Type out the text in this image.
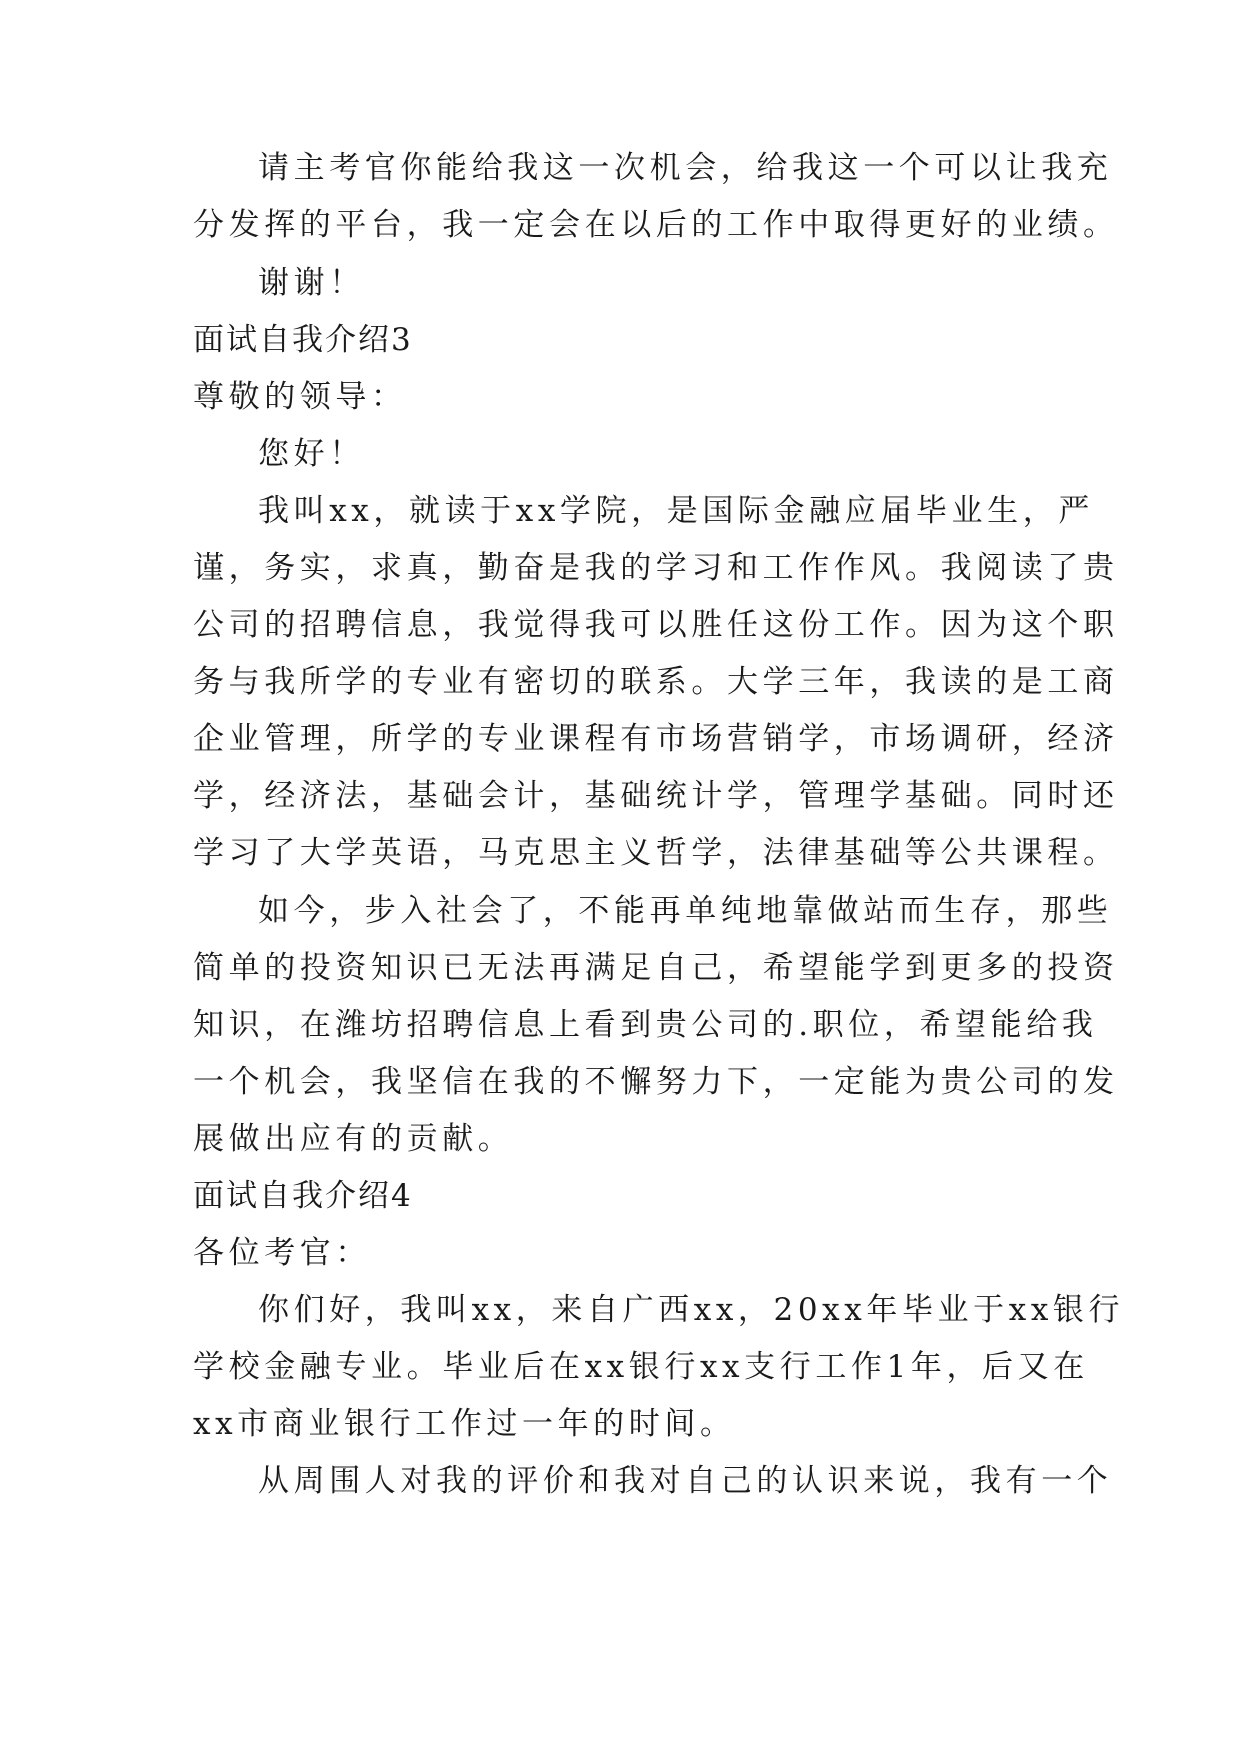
请主考官你能给我这一次机会，给我这一个可以让我充
分发挥的平台，我一定会在以后的工作中取得更好的业绩。
谢谢！
面试自我介绍3
尊敬的领导：
您好！
我叫xx，就读于xx学院，是国际金融应届毕业生，严
谨，务实，求真，勤奋是我的学习和工作作风。我阅读了贵
公司的招聘信息，我觉得我可以胜任这份工作。因为这个职
务与我所学的专业有密切的联系。大学三年，我读的是工商
企业管理，所学的专业课程有市场营销学，市场调研，经济
学，经济法，基础会计，基础统计学，管理学基础。同时还
学习了大学英语，马克思主义哲学，法律基础等公共课程。
如今，步入社会了，不能再单纯地靠做站而生存，那些
简单的投资知识已无法再满足自己，希望能学到更多的投资
知识，在潍坊招聘信息上看到贵公司的.职位，希望能给我
一个机会，我坚信在我的不懈努力下，一定能为贵公司的发
展做出应有的贡献。
面试自我介绍4
各位考官：
你们好，我叫xx，来自广西xx，20xx年毕业于xx银行
学校金融专业。毕业后在xx银行xx支行工作1年，后又在
xx市商业银行工作过一年的时间。
从周围人对我的评价和我对自己的认识来说，我有一个
